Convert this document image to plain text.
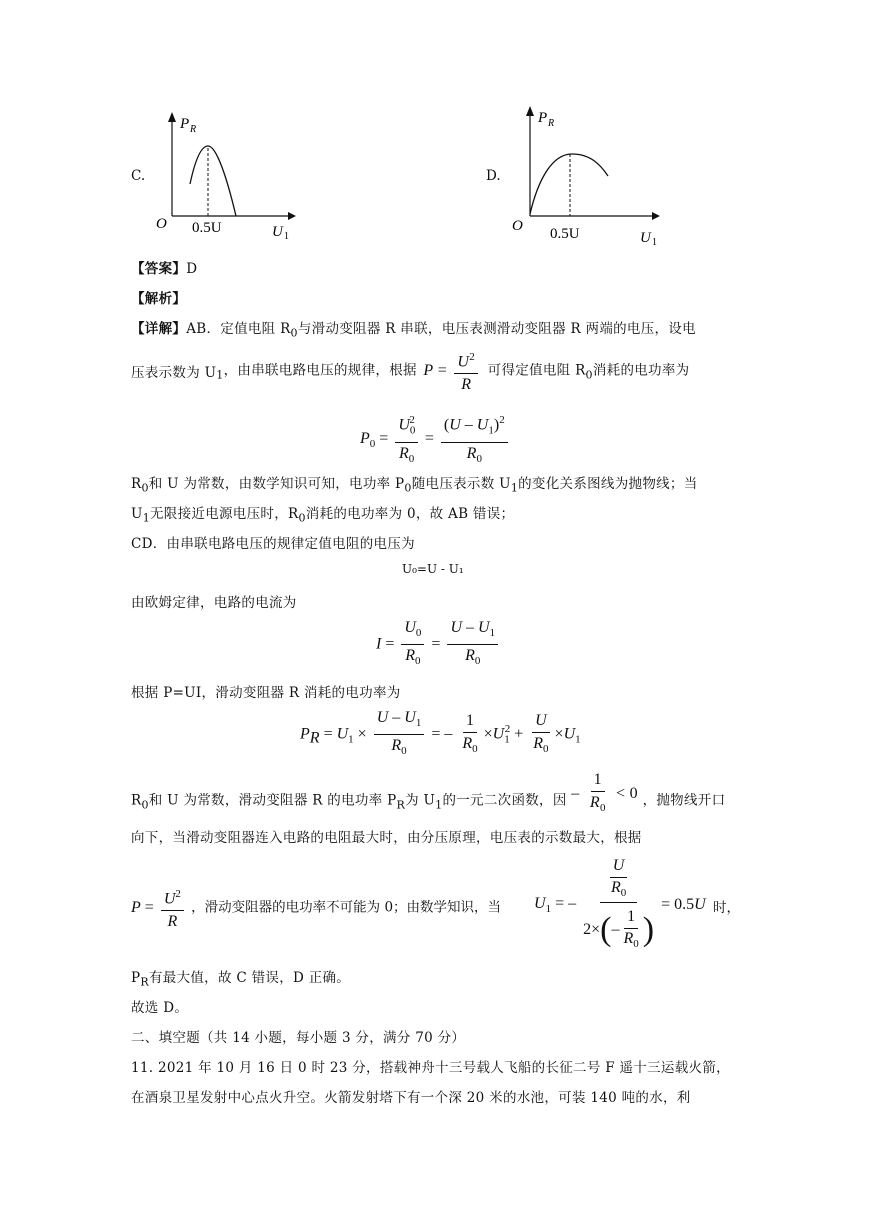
C.
P R
O 0.5U	U 1
D.
P R
O 0.5U	U 1
【答案】D
【解析】
【详解】AB．定值电阻 $R_0$与滑动变阻器 R 串联，电压表测滑动变阻器 R 两端的电压，设电
压表示数为 $U_1$，由串联电路电压的规律，根据 $P = \frac{U^2}{R}$ 可得定值电阻 $R_0$消耗的电功率为
$P_0 = \frac{U_0^2}{R_0} = \frac{(U - U_1)^2}{R_0}$
$R_0$和 U 为常数，由数学知识可知，电功率 $P_0$随电压表示数 $U_1$的变化关系图线为抛物线；当
$U_1$无限接近电源电压时，$R_0$消耗的电功率为 0，故 AB 错误；
CD．由串联电路电压的规律定值电阻的电压为
U₀=U - U₁
由欧姆定律，电路的电流为
$I = \frac{U_0}{R_0} = \frac{U - U_1}{R_0}$
根据 P=UI，滑动变阻器 R 消耗的电功率为
$P_R = U_1 \times \frac{U - U_1}{R_0}$ = – $\frac{1}{R_0} \times U_1^2 + \frac{U}{R_0} \times U_1$
$R_0$和 U 为常数，滑动变阻器 R 的电功率 $P_R$为 $U_1$的一元二次函数，因 – $\frac{1}{R_0} < 0$ ，抛物线开口
向下，当滑动变阻器连入电路的电阻最大时，由分压原理，电压表的示数最大，根据
$P = \frac{U^2}{R}$ ，滑动变阻器的电功率不可能为 0；由数学知识，当 $U_1$ = – $\frac{\frac{U}{R_0}}{2\times ( - \frac{1}{R_0} )} = 0.5U$ 时，
$P_R$有最大值，故 C 错误，D 正确。
故选 D。
二、填空题（共 14 小题，每小题 3 分，满分 70 分）
11. 2021 年 10 月 16 日 0 时 23 分，搭载神舟十三号载人飞船的长征二号 F 遥十三运载火箭，
在酒泉卫星发射中心点火升空。火箭发射塔下有一个深 20 米的水池，可装 140 吨的水，利
